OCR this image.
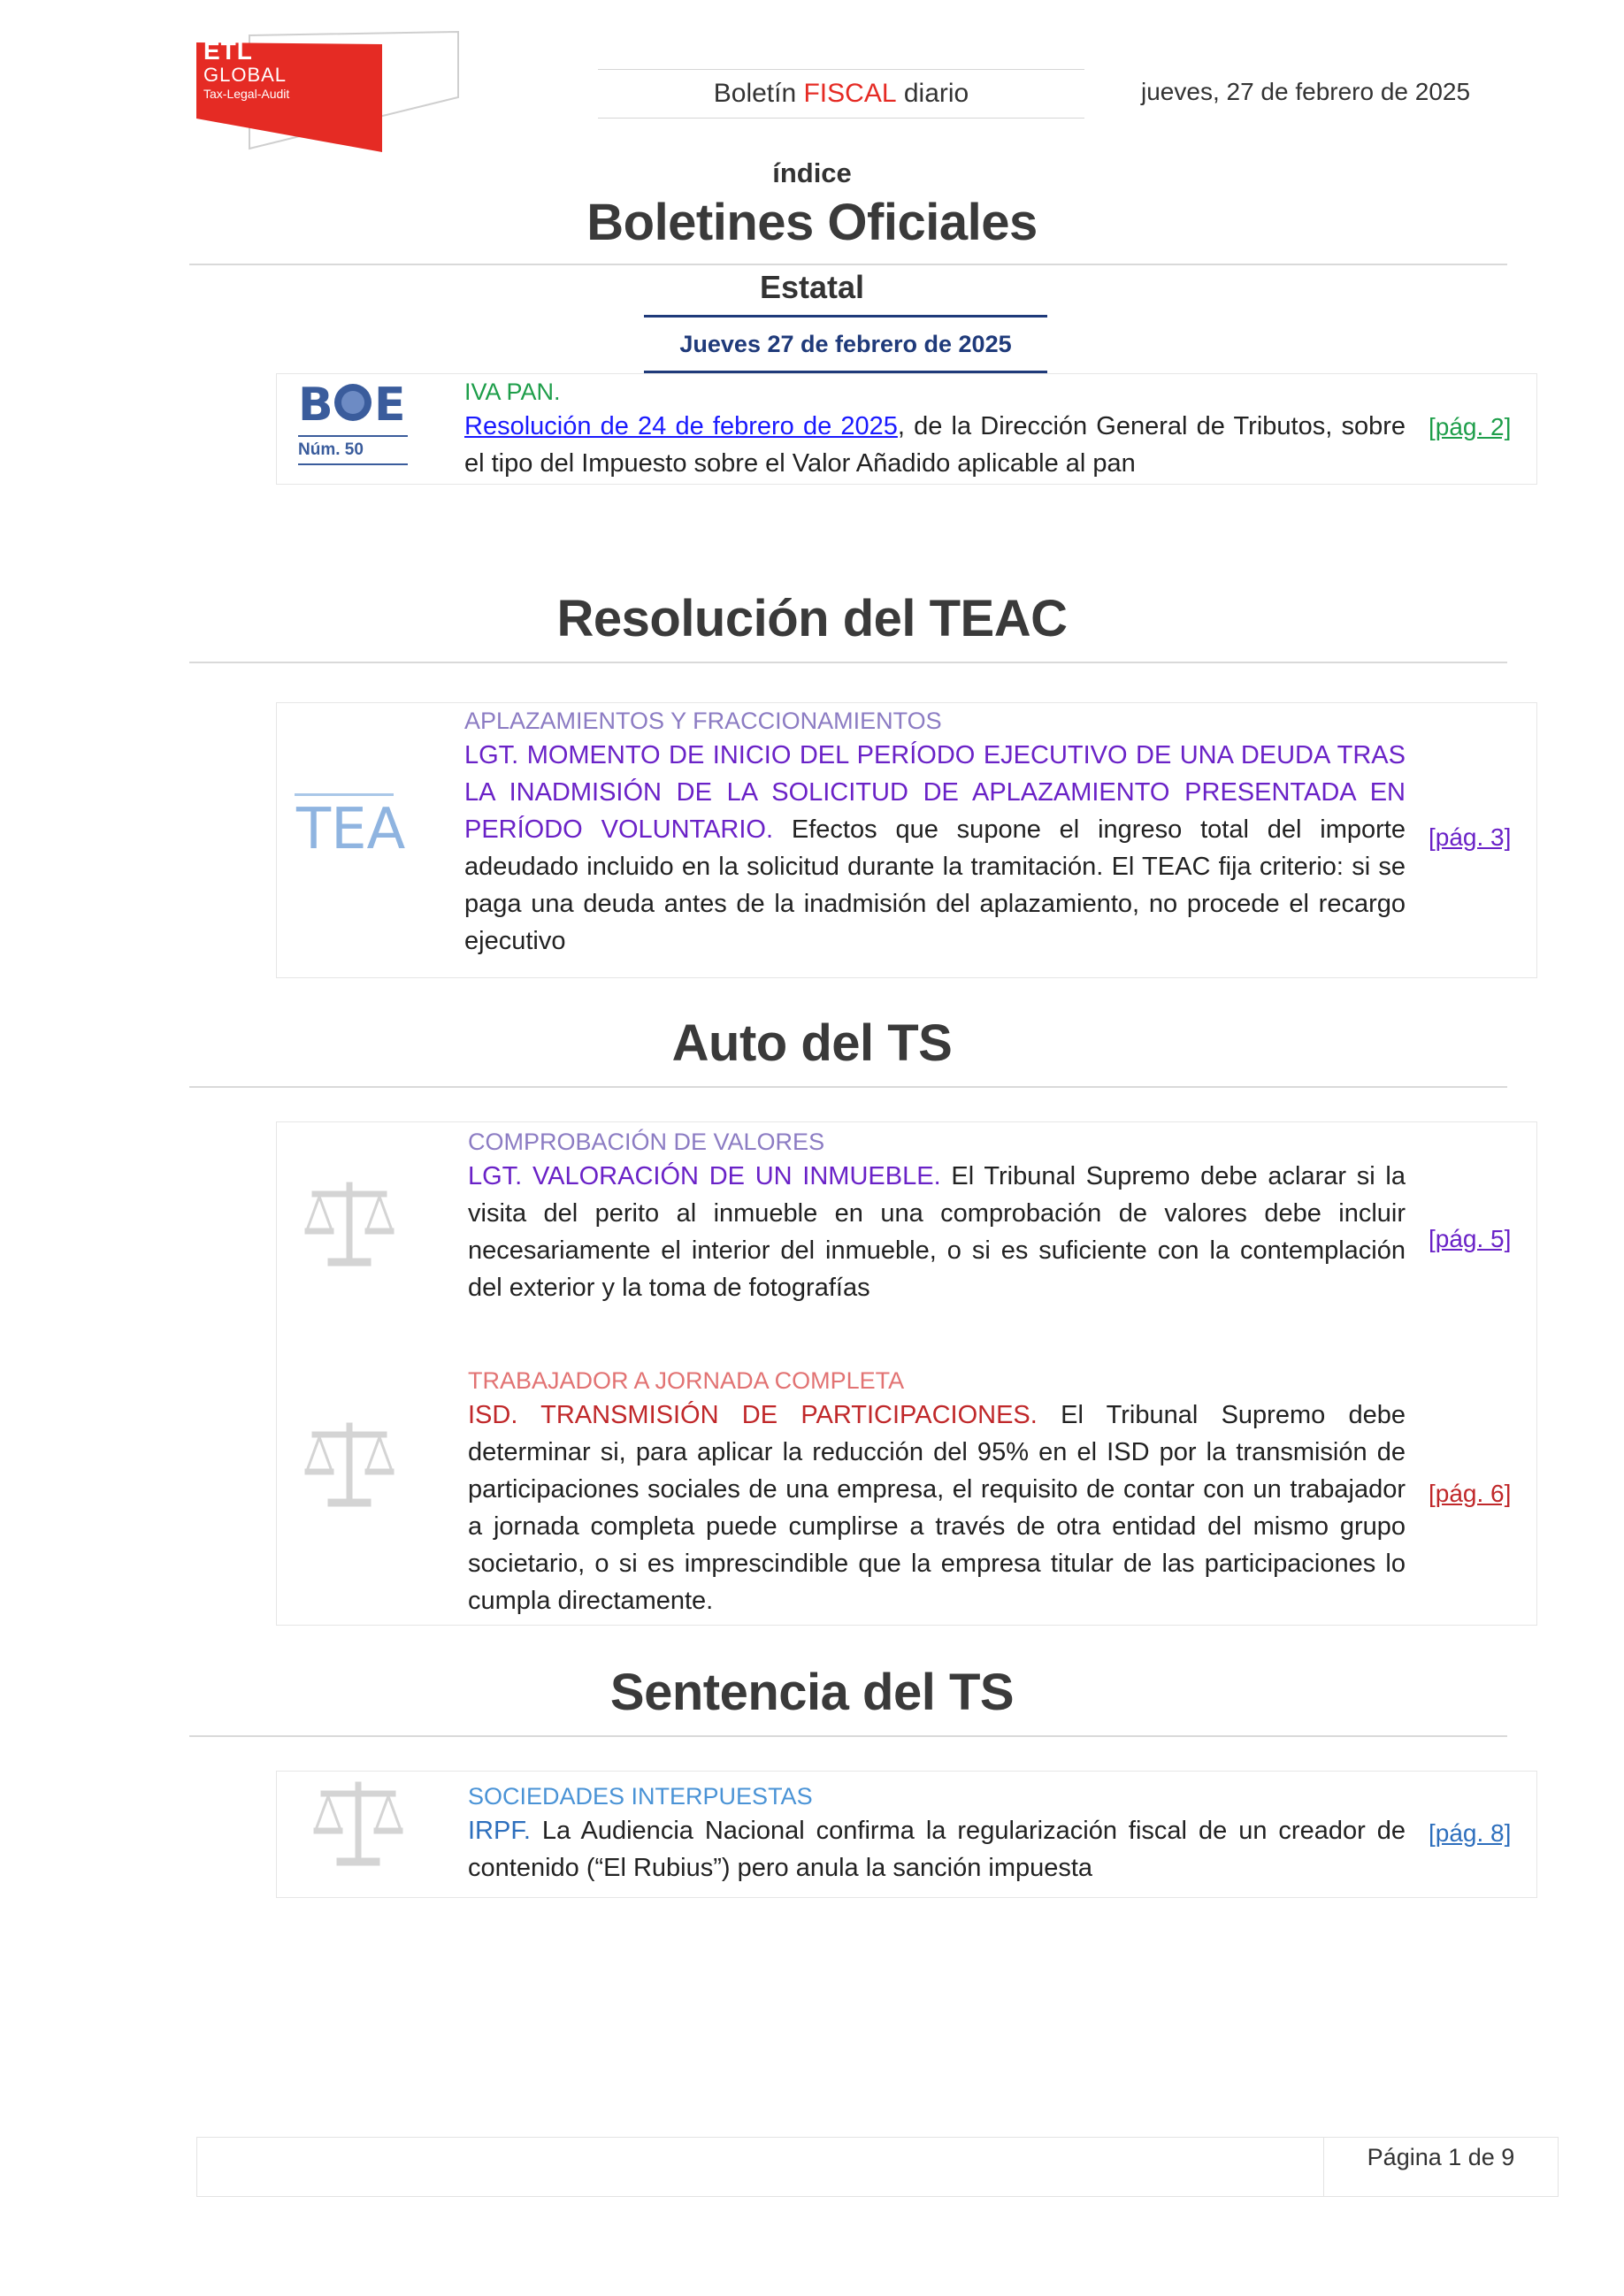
ETL
GLOBAL
Tax-Legal-Audit	Boletín FISCAL diario	jueves, 27 de febrero de 2025
índice
Boletines Oficiales
Estatal
Jueves 27 de febrero de 2025
B E
Núm. 50
IVA PAN.
Resolución de 24 de febrero de 2025, de la Dirección General de Tributos, sobre el tipo del Impuesto sobre el Valor Añadido aplicable al pan
[pág. 2]
Resolución del TEAC
TEA
APLAZAMIENTOS Y FRACCIONAMIENTOS
LGT. MOMENTO DE INICIO DEL PERÍODO EJECUTIVO DE UNA DEUDA TRAS LA INADMISIÓN DE LA SOLICITUD DE APLAZAMIENTO PRESENTADA EN PERÍODO VOLUNTARIO. Efectos que supone el ingreso total del importe adeudado incluido en la solicitud durante la tramitación. El TEAC fija criterio: si se paga una deuda antes de la inadmisión del aplazamiento, no procede el recargo ejecutivo
[pág. 3]
Auto del TS
COMPROBACIÓN DE VALORES
LGT. VALORACIÓN DE UN INMUEBLE. El Tribunal Supremo debe aclarar si la visita del perito al inmueble en una comprobación de valores debe incluir necesariamente el interior del inmueble, o si es suficiente con la contemplación del exterior y la toma de fotografías
[pág. 5]
TRABAJADOR A JORNADA COMPLETA
ISD. TRANSMISIÓN DE PARTICIPACIONES. El Tribunal Supremo debe determinar si, para aplicar la reducción del 95% en el ISD por la transmisión de participaciones sociales de una empresa, el requisito de contar con un trabajador a jornada completa puede cumplirse a través de otra entidad del mismo grupo societario, o si es imprescindible que la empresa titular de las participaciones lo cumpla directamente.
[pág. 6]
Sentencia del TS
SOCIEDADES INTERPUESTAS
IRPF. La Audiencia Nacional confirma la regularización fiscal de un creador de contenido (“El Rubius”) pero anula la sanción impuesta
[pág. 8]
Página 1 de 9
